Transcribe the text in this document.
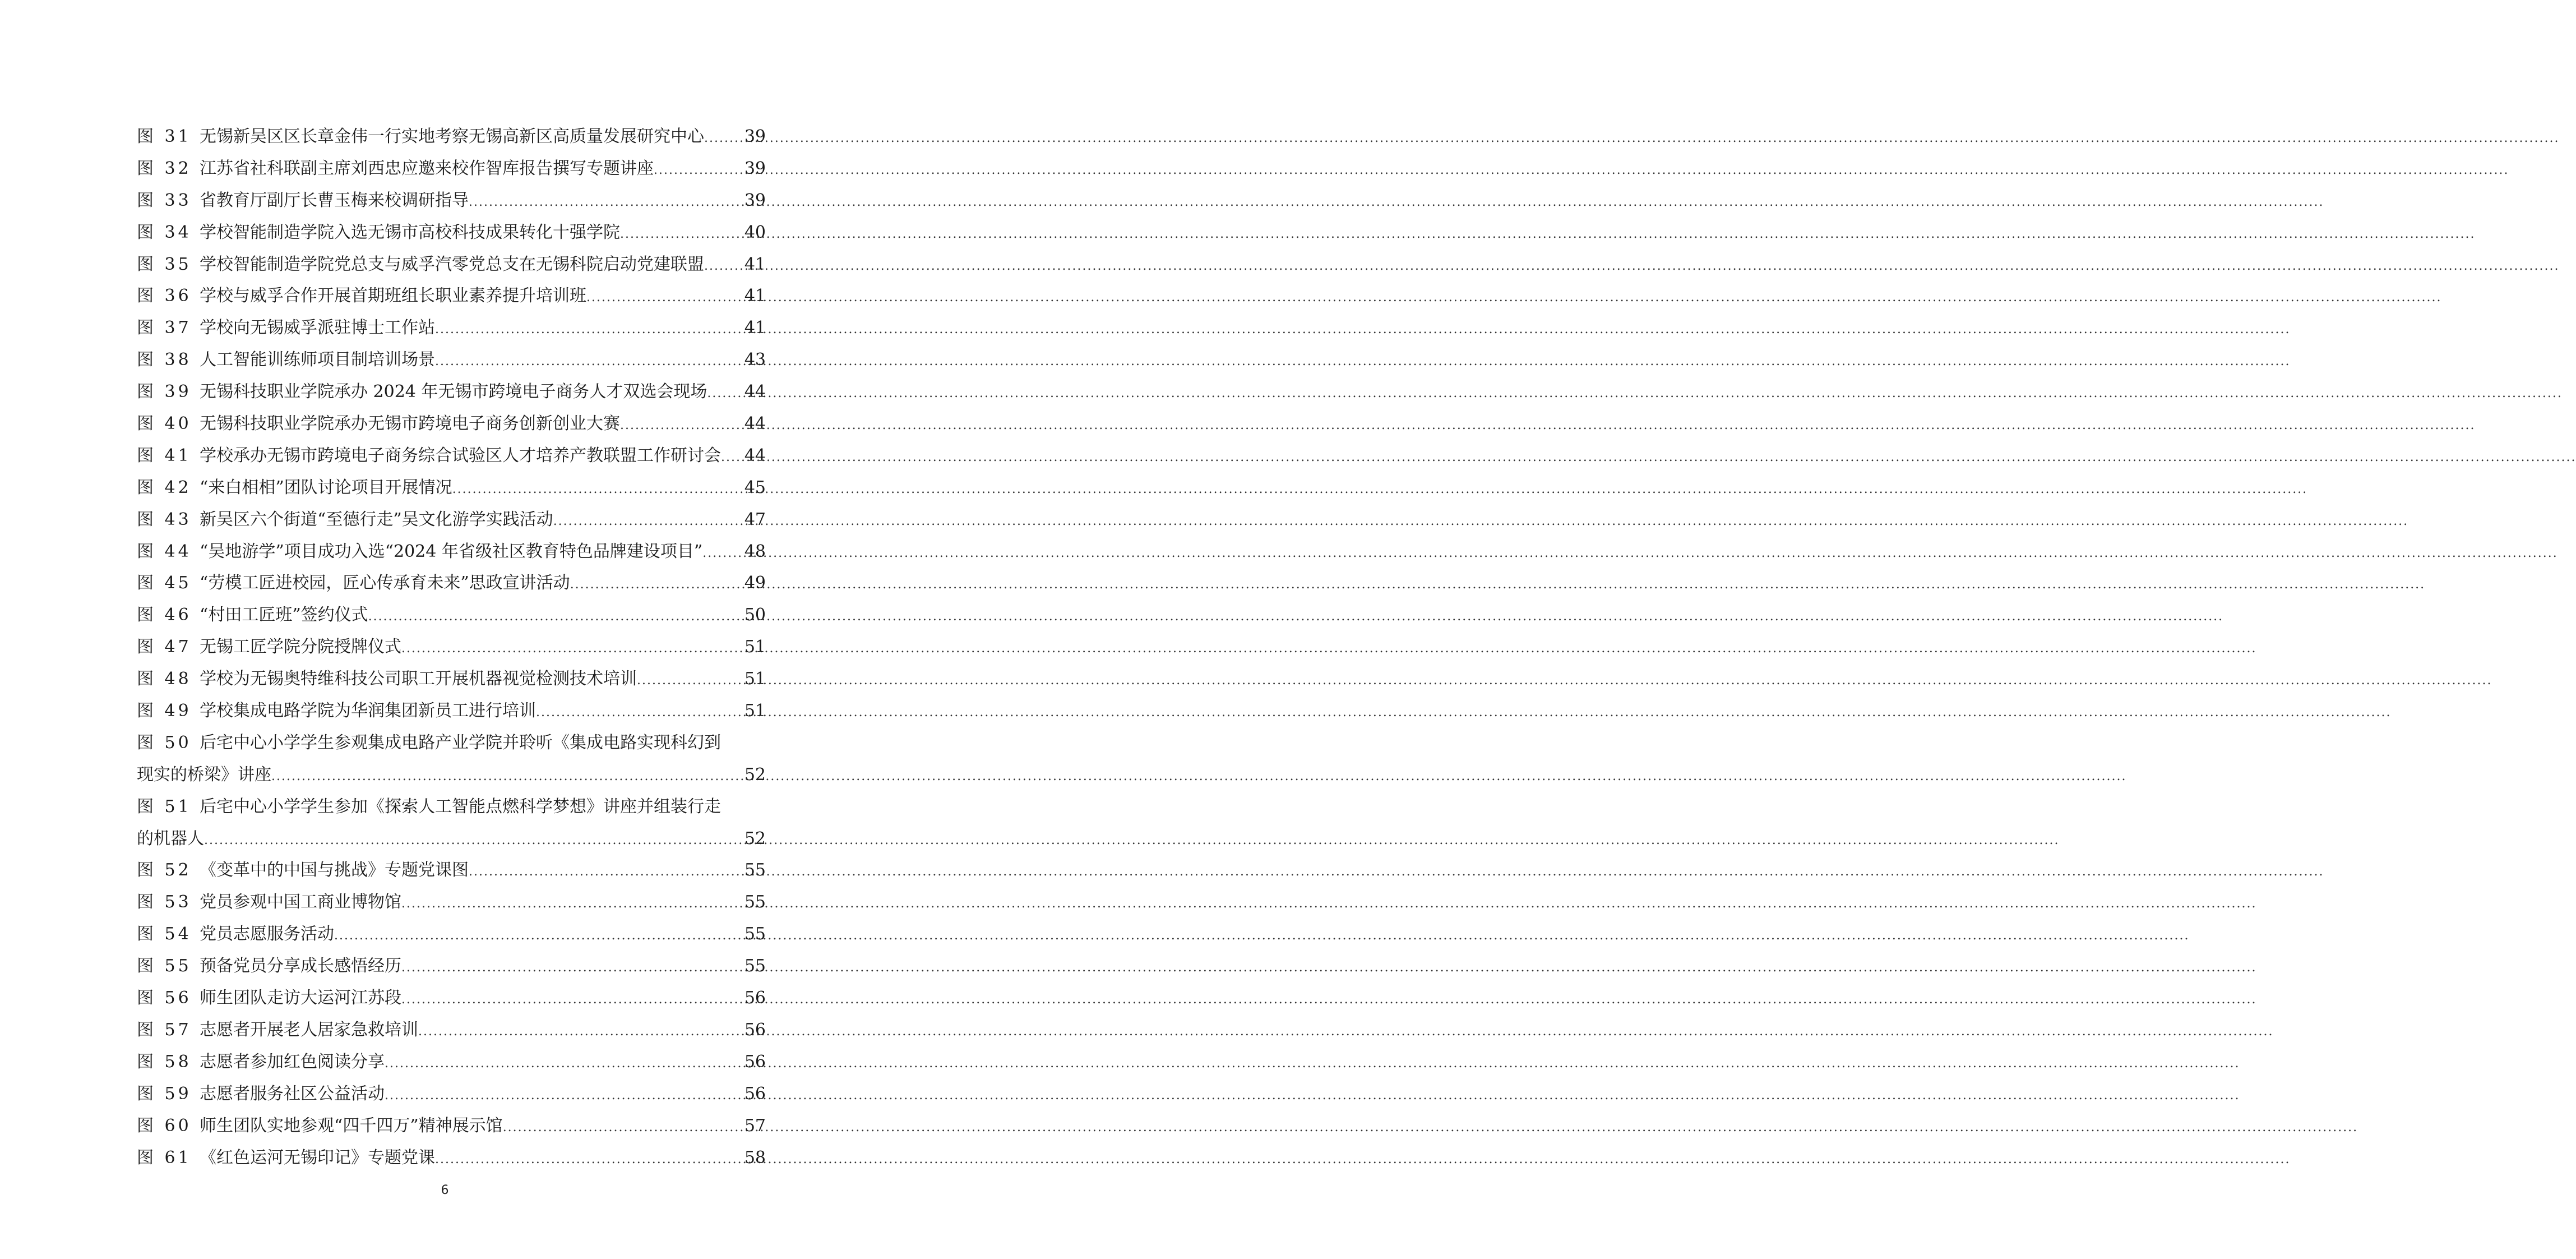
图 31 无锡新吴区区长章金伟一行实地考察无锡高新区高质量发展研究中心 ..... 39
图 32 江苏省社科联副主席刘西忠应邀来校作智库报告撰写专题讲座 .....	39
图 33 省教育厅副厅长曹玉梅来校调研指导 .....	39
图 34 学校智能制造学院入选无锡市高校科技成果转化十强学院 .....	40
图 35 学校智能制造学院党总支与威孚汽零党总支在无锡科院启动党建联盟 ..... 41
图 36 学校与威孚合作开展首期班组长职业素养提升培训班 .....	41
图 37 学校向无锡威孚派驻博士工作站 .....	41
图 38 人工智能训练师项目制培训场景 .....	43
图 39 无锡科技职业学院承办 2024 年无锡市跨境电子商务人才双选会现场 ..... 44
图 40 无锡科技职业学院承办无锡市跨境电子商务创新创业大赛 .....	44
图 41 学校承办无锡市跨境电子商务综合试验区人才培养产教联盟工作研讨会 ..... 44
图 42 “来白相相”团队讨论项目开展情况 .....	45
图 43 新吴区六个街道“至德行走”吴文化游学实践活动 .....	47
图 44 “吴地游学”项目成功入选“2024 年省级社区教育特色品牌建设项目” ..... 48
图 45 “劳模工匠进校园，匠心传承育未来”思政宣讲活动 .....	49
图 46 “村田工匠班”签约仪式 .....	50
图 47 无锡工匠学院分院授牌仪式 .....	51
图 48 学校为无锡奥特维科技公司职工开展机器视觉检测技术培训 .....	51
图 49 学校集成电路学院为华润集团新员工进行培训 .....	51
图 50 后宅中心小学学生参观集成电路产业学院并聆听《集成电路实现科幻到
现实的桥梁》讲座 .....	52
图 51 后宅中心小学学生参加《探索人工智能点燃科学梦想》讲座并组装行走
的机器人 .....	52
图 52 《变革中的中国与挑战》专题党课图 .....	55
图 53 党员参观中国工商业博物馆 .....	55
图 54 党员志愿服务活动 .....	55
图 55 预备党员分享成长感悟经历 .....	55
图 56 师生团队走访大运河江苏段 .....	56
图 57 志愿者开展老人居家急救培训 .....	56
图 58 志愿者参加红色阅读分享 .....	56
图 59 志愿者服务社区公益活动 .....	56
图 60 师生团队实地参观“四千四万”精神展示馆 .....	57
图 61 《红色运河无锡印记》专题党课 .....	58
6
